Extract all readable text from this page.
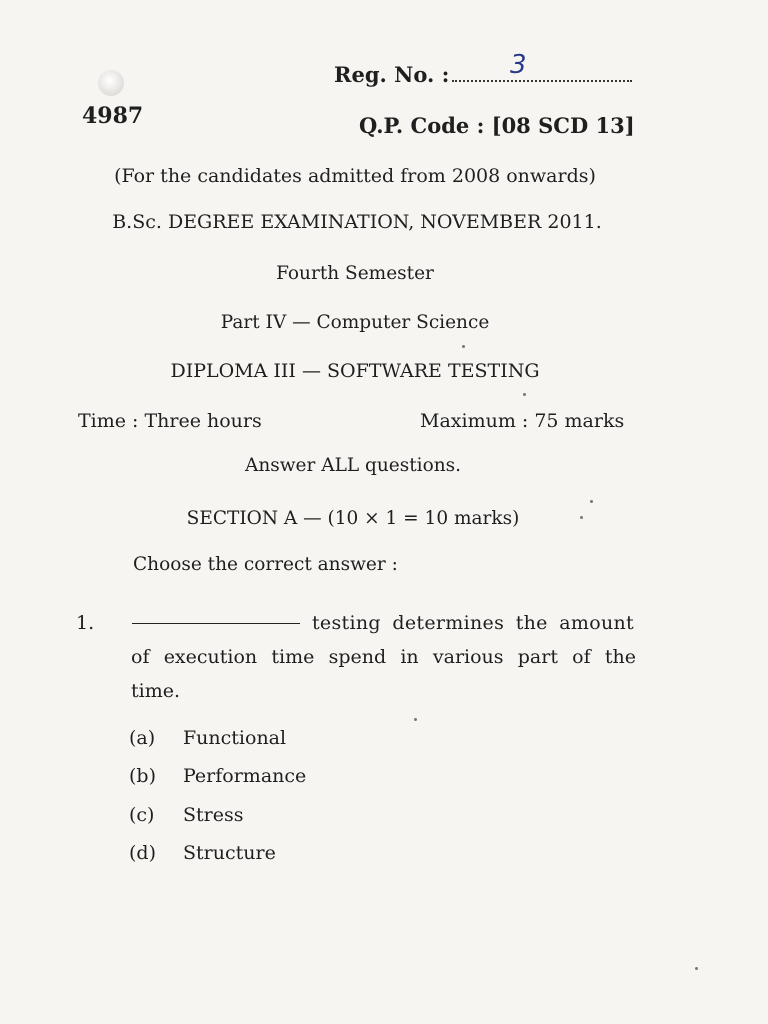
Reg. No. : 3
4987	Q.P. Code : [08 SCD 13]
(For the candidates admitted from 2008 onwards)
B.Sc. DEGREE EXAMINATION, NOVEMBER 2011.
Fourth Semester
Part IV — Computer Science
DIPLOMA III — SOFTWARE TESTING
Time : Three hours	Maximum : 75 marks
Answer ALL questions.
SECTION A — (10 × 1 = 10 marks)
Choose the correct answer :
1.	testing determines the amount
of execution time spend in various part of the
time.
(a) Functional
(b) Performance
(c) Stress
(d) Structure
